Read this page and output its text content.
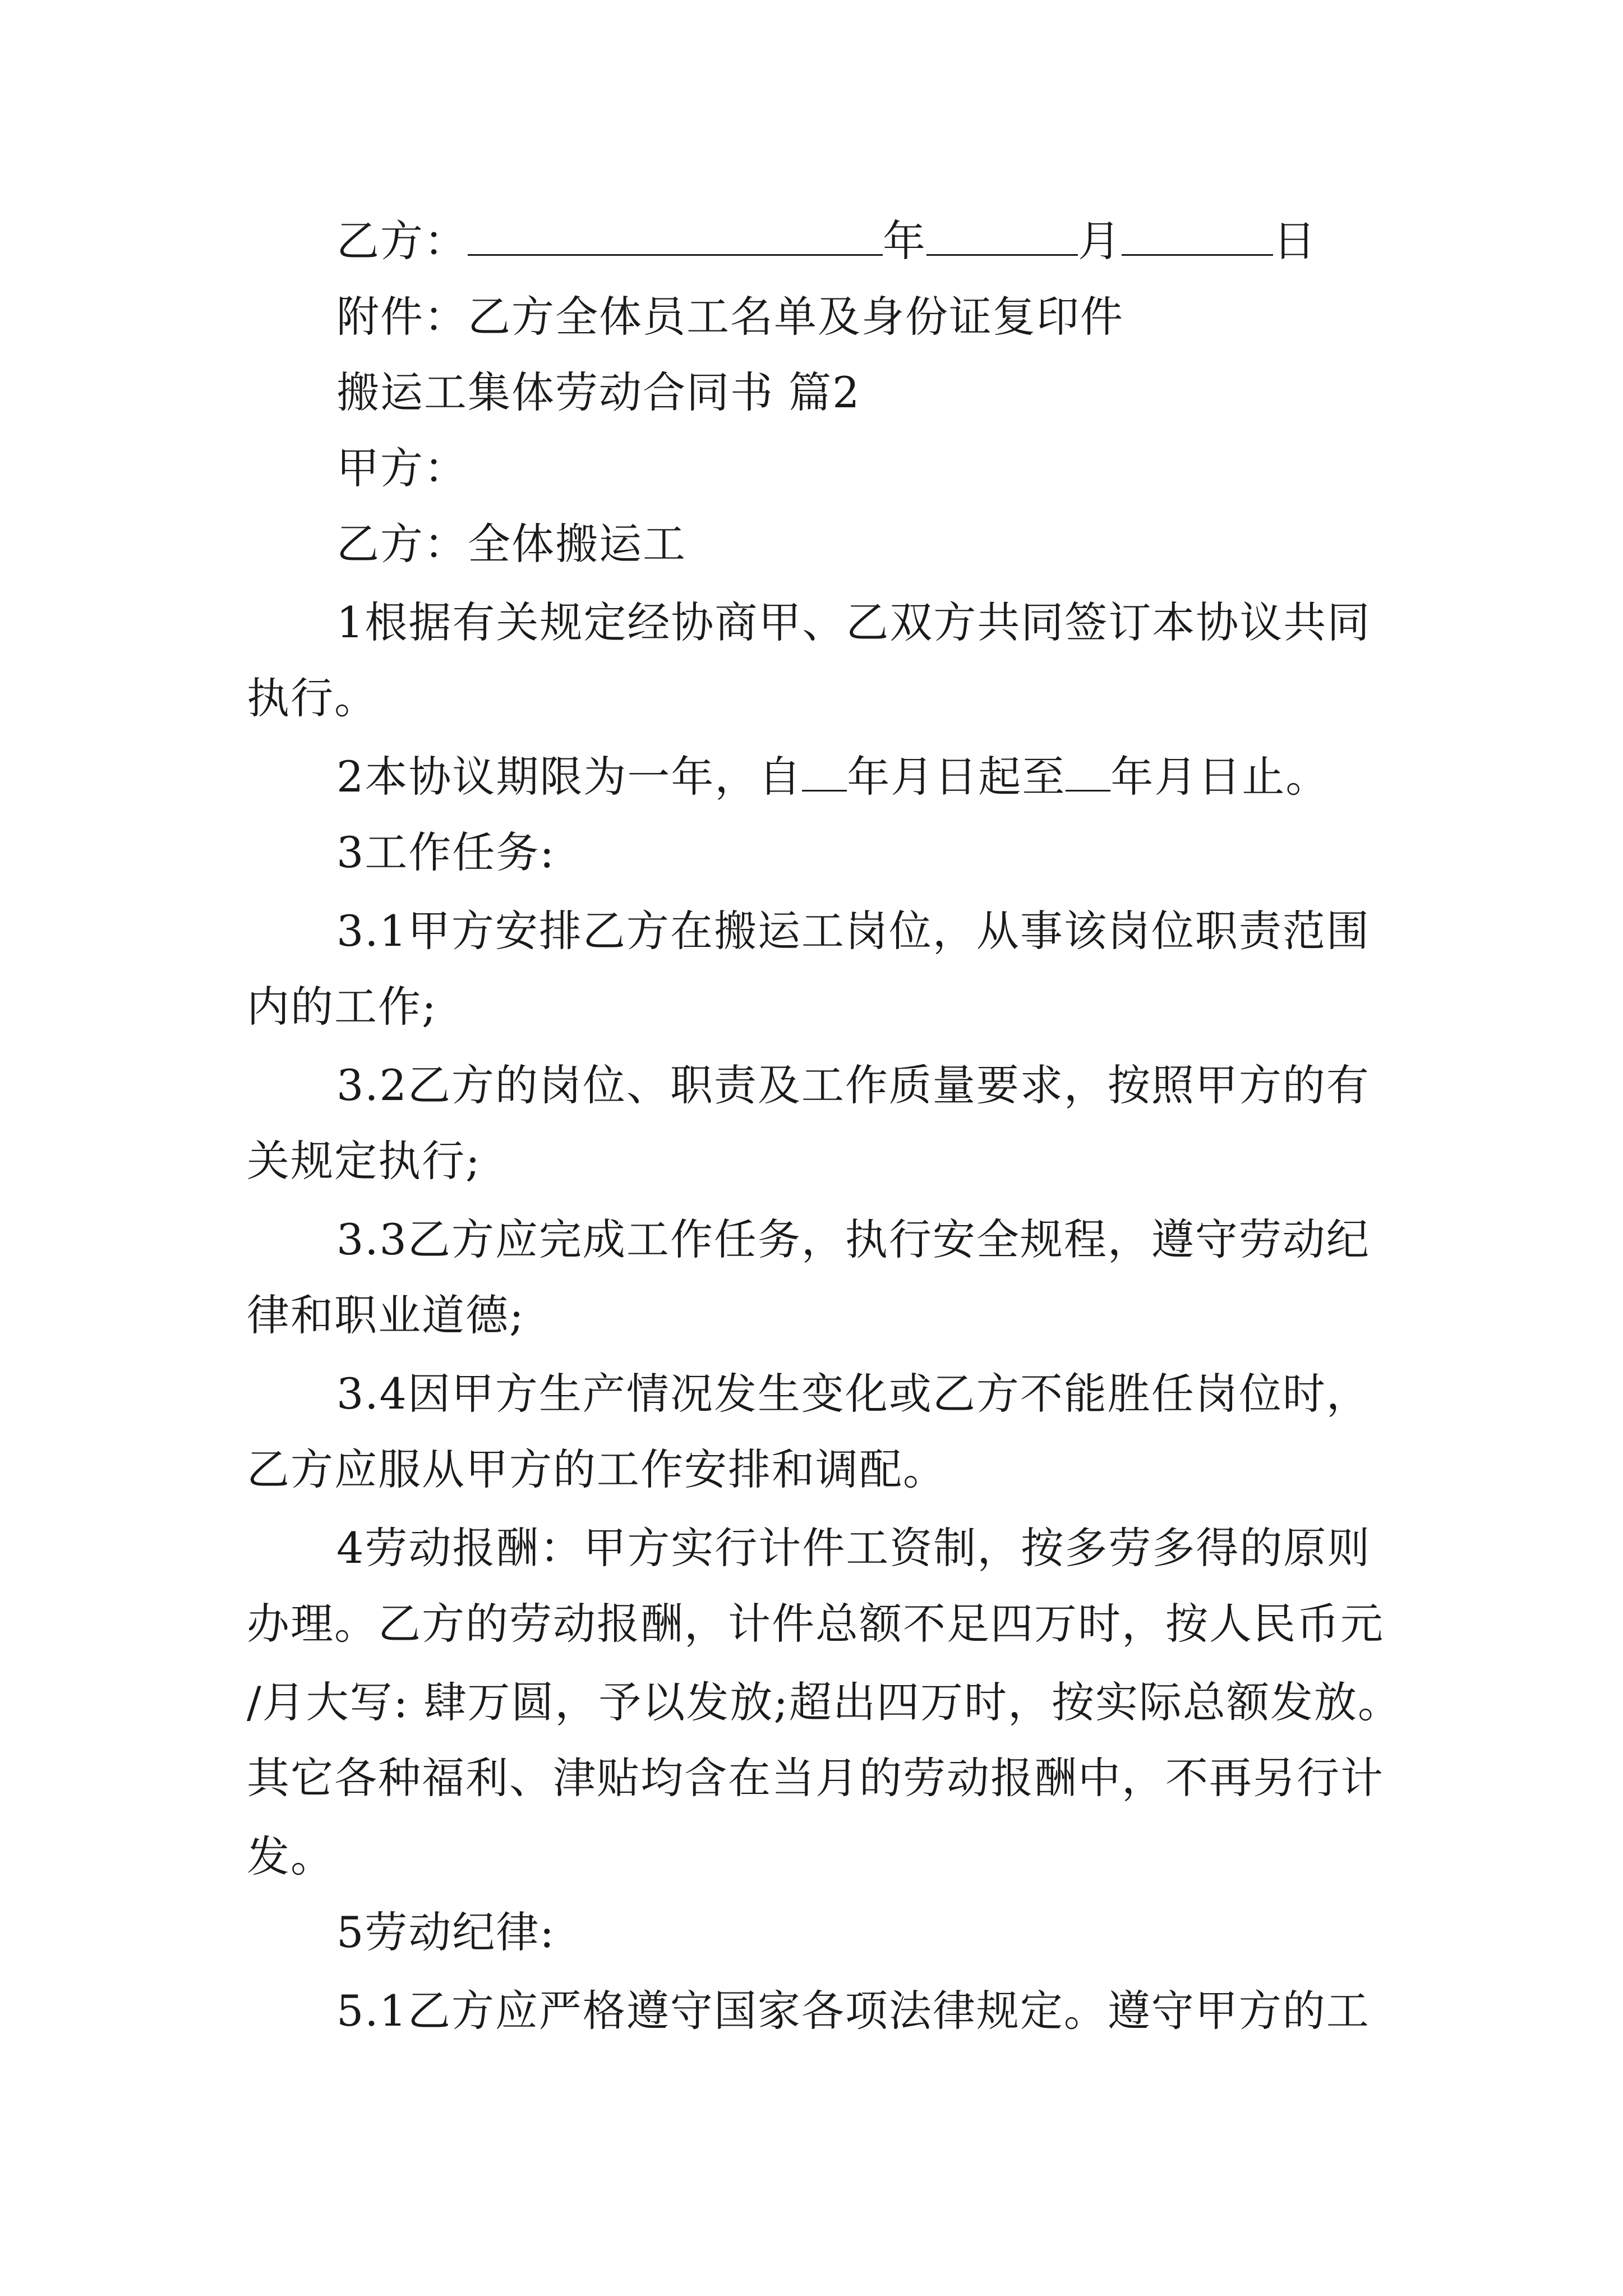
乙方：	年	月	日
附件：乙方全体员工名单及身份证复印件
搬运工集体劳动合同书 篇2
甲方：
乙方：全体搬运工
1根据有关规定经协商甲、乙双方共同签订本协议共同
执行。
2本协议期限为一年，自 年月日起至 年月日止。
3工作任务:
3.1甲方安排乙方在搬运工岗位，从事该岗位职责范围
内的工作;
3.2乙方的岗位、职责及工作质量要求，按照甲方的有
关规定执行;
3.3乙方应完成工作任务，执行安全规程，遵守劳动纪
律和职业道德;
3.4因甲方生产情况发生变化或乙方不能胜任岗位时，
乙方应服从甲方的工作安排和调配。
4劳动报酬：甲方实行计件工资制，按多劳多得的原则
办理。乙方的劳动报酬，计件总额不足四万时，按人民币元
/月大写: 肆万圆，予以发放;超出四万时，按实际总额发放。
其它各种福利、津贴均含在当月的劳动报酬中，不再另行计
发。
5劳动纪律:
5.1乙方应严格遵守国家各项法律规定。遵守甲方的工
